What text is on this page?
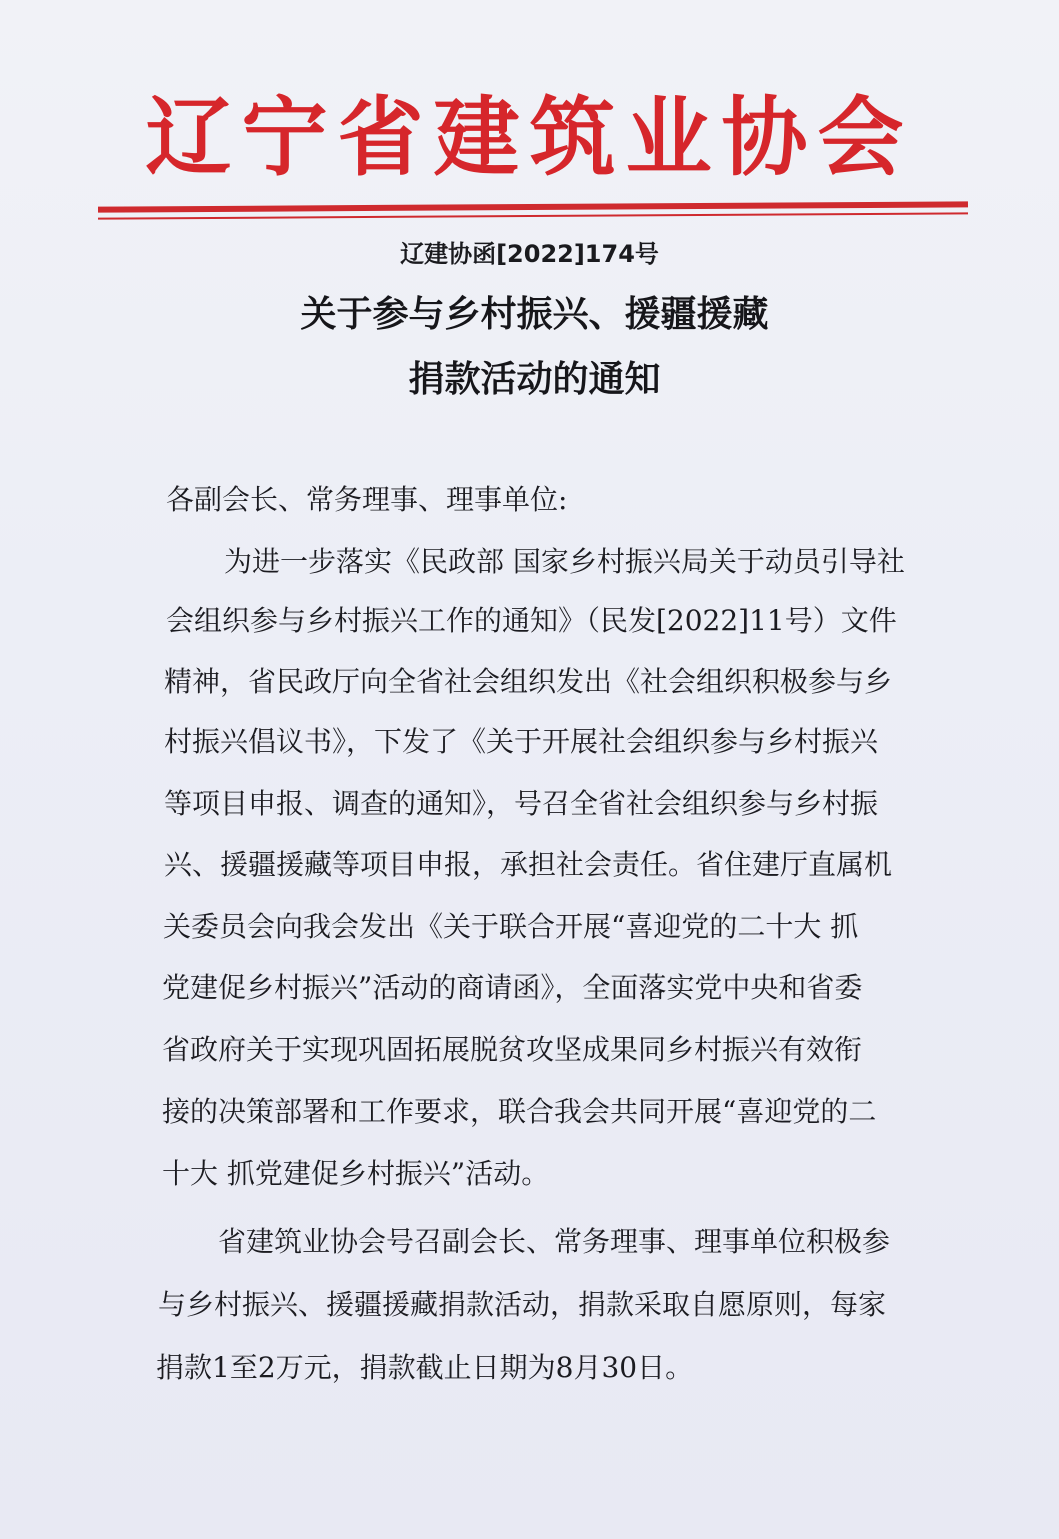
辽宁省建筑业协会
辽建协函[2022]174号
关于参与乡村振兴、援疆援藏
捐款活动的通知
各副会长、常务理事、理事单位:
为进一步落实《民政部 国家乡村振兴局关于动员引导社
会组织参与乡村振兴工作的通知》（民发[2022]11号）文件
精神，省民政厅向全省社会组织发出《社会组织积极参与乡
村振兴倡议书》，下发了《关于开展社会组织参与乡村振兴
等项目申报、调查的通知》，号召全省社会组织参与乡村振
兴、援疆援藏等项目申报，承担社会责任。省住建厅直属机
关委员会向我会发出《关于联合开展“喜迎党的二十大 抓
党建促乡村振兴”活动的商请函》，全面落实党中央和省委
省政府关于实现巩固拓展脱贫攻坚成果同乡村振兴有效衔
接的决策部署和工作要求，联合我会共同开展“喜迎党的二
十大 抓党建促乡村振兴”活动。
省建筑业协会号召副会长、常务理事、理事单位积极参
与乡村振兴、援疆援藏捐款活动，捐款采取自愿原则，每家
捐款1至2万元，捐款截止日期为8月30日。
